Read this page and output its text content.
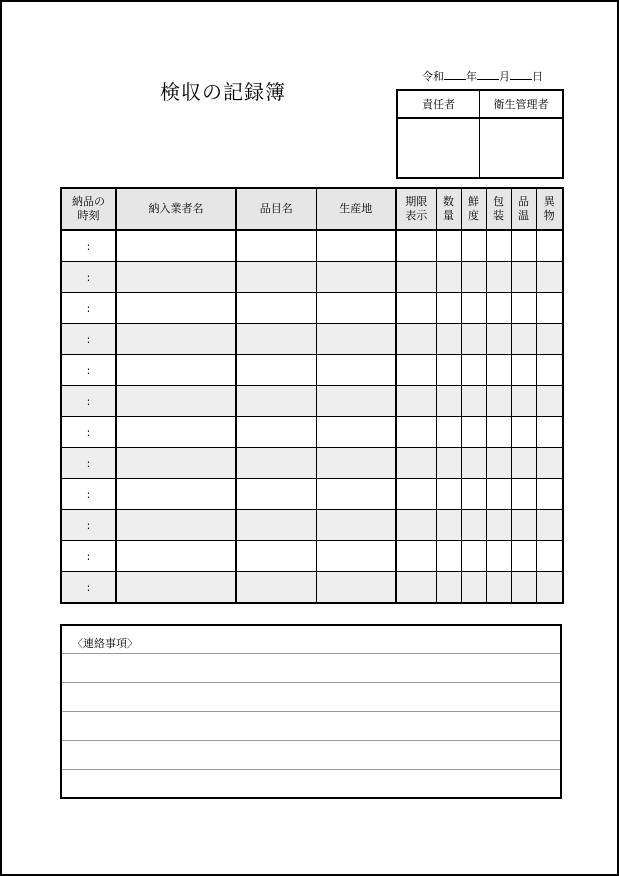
検収の記録簿
令和 年 月 日
責任者	衛生管理者
納品の時刻	納入業者名	品目名	生産地	期限表示	数量	鮮度	包装	品温	異物
:									
:									
:									
:									
:									
:									
:									
:									
:									
:									
:									
:									
〈連絡事項〉
